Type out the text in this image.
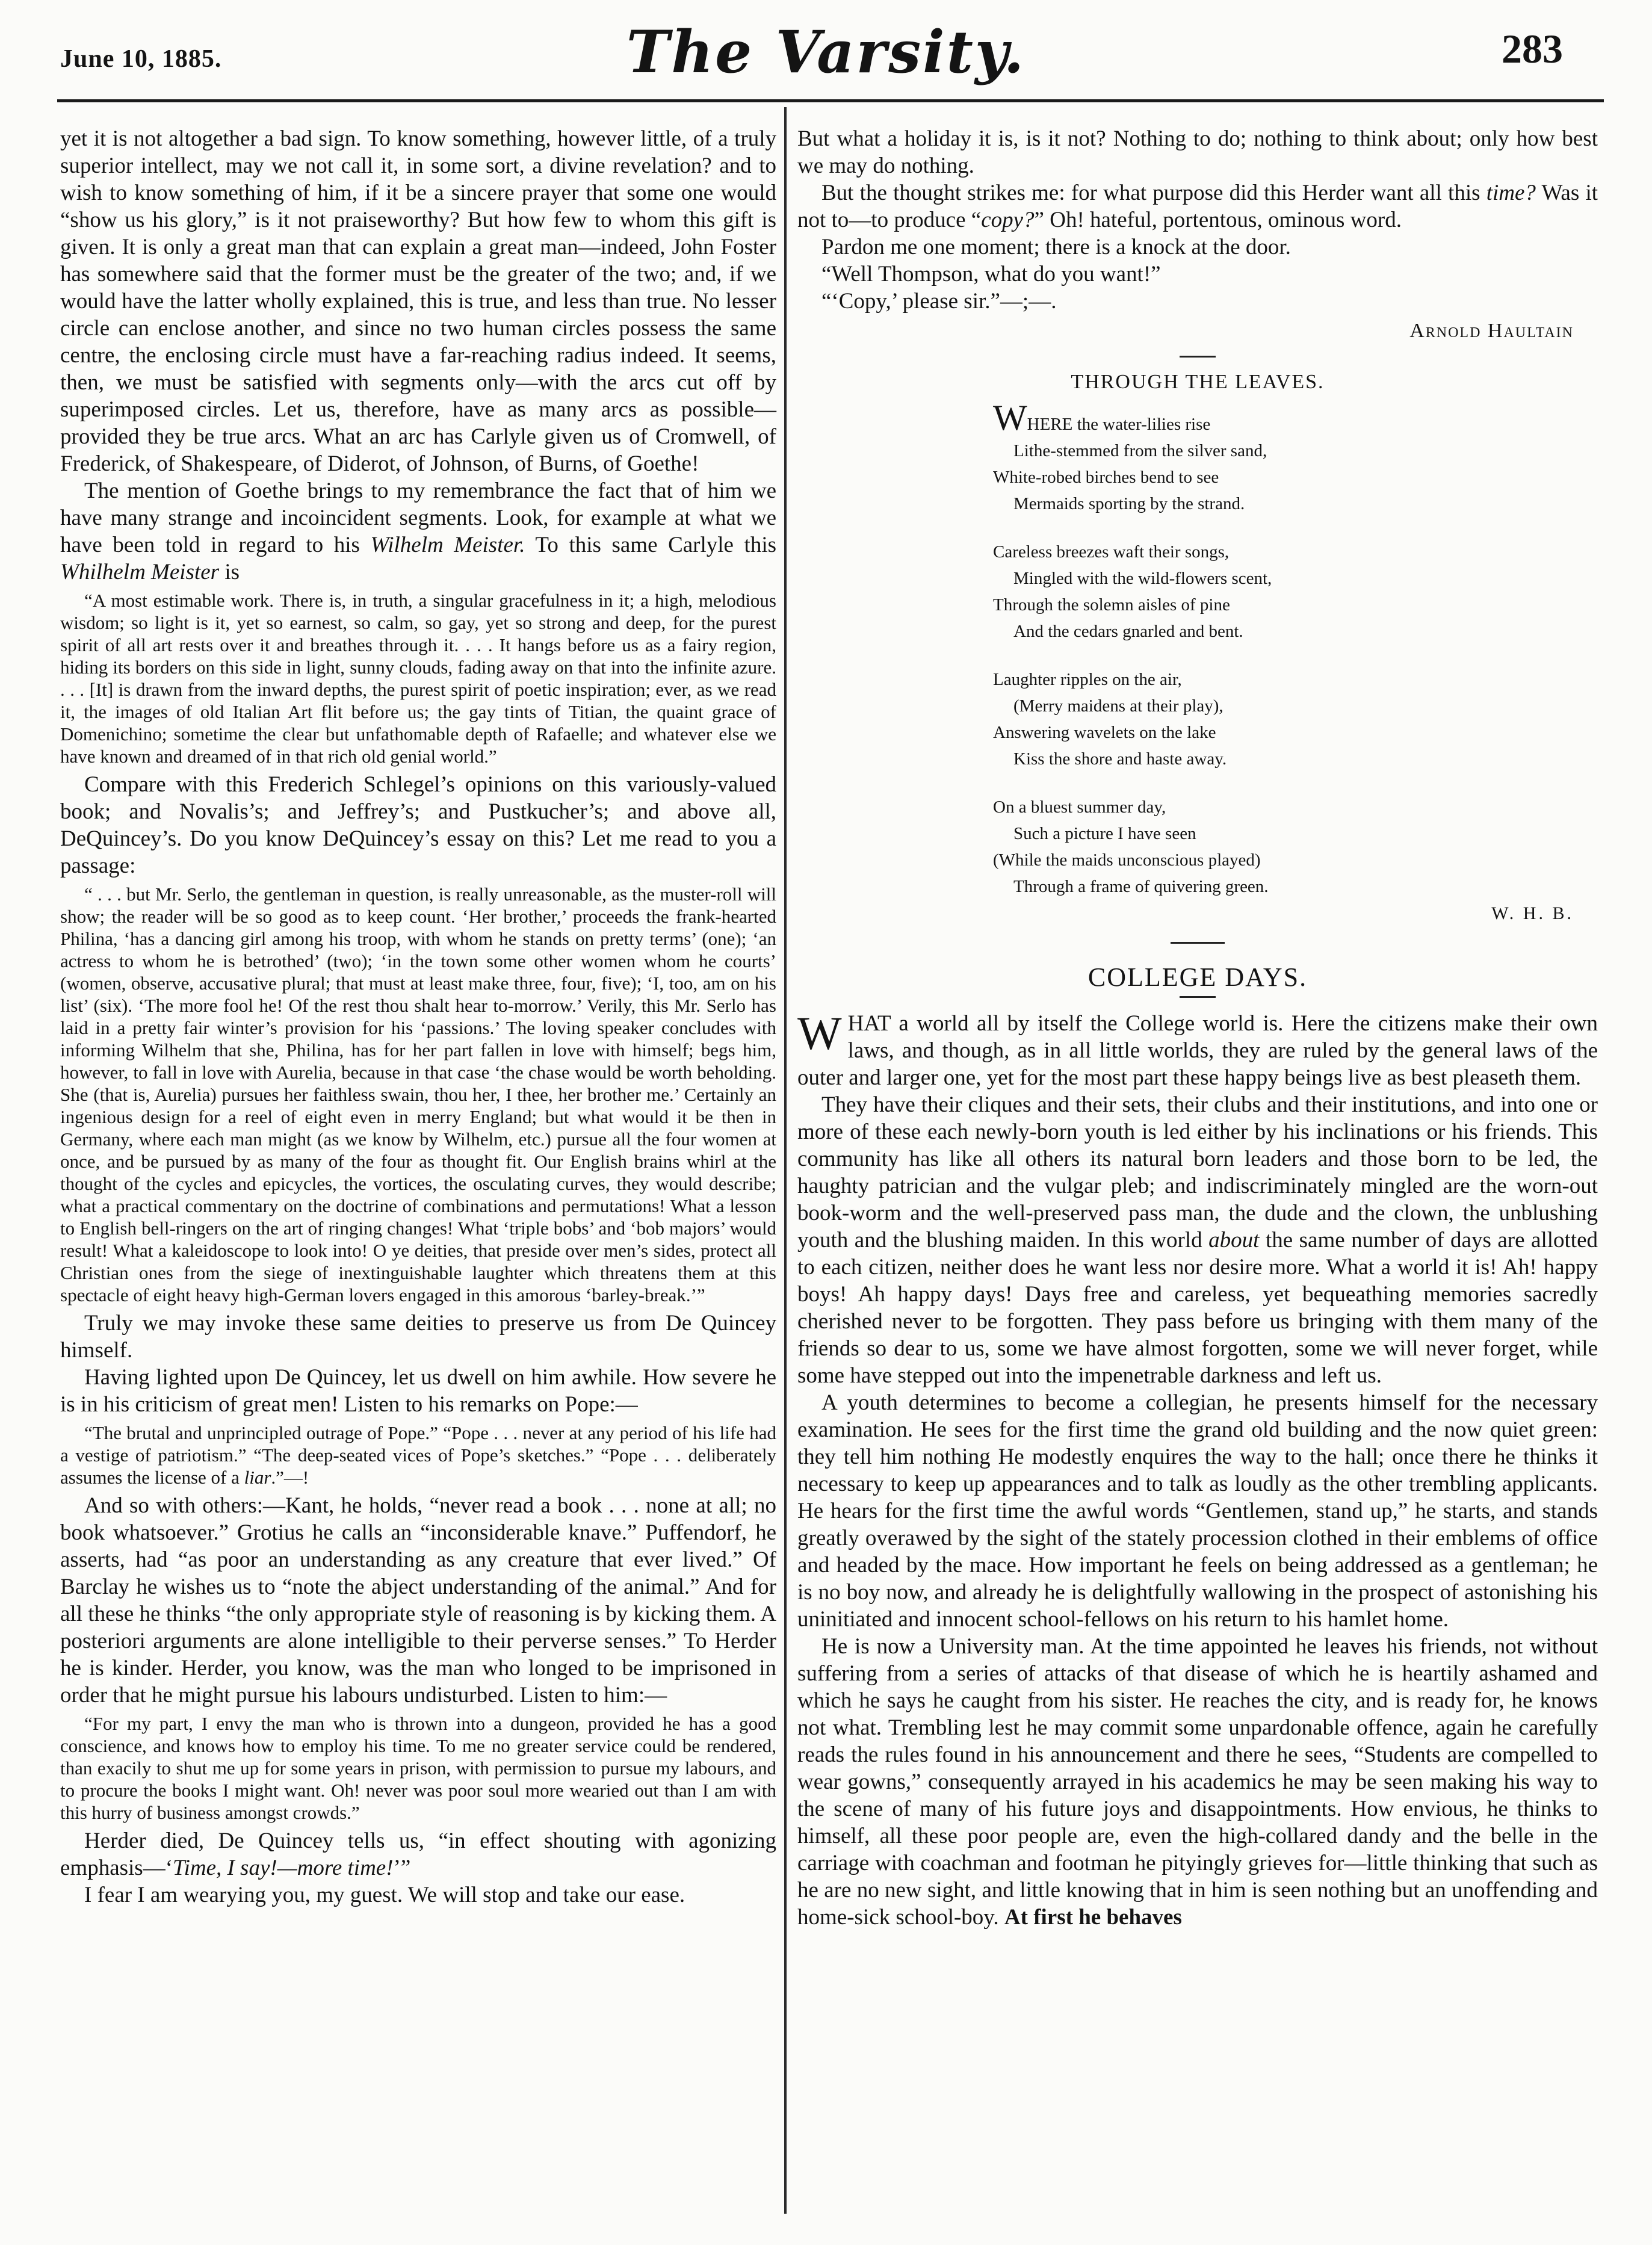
June 10, 1885.	The Varsity.	283

yet it is not altogether a bad sign. To know something, however little, of a truly superior intellect, may we not call it, in some sort, a divine revelation? and to wish to know something of him, if it be a sincere prayer that some one would “show us his glory,” is it not praiseworthy? But how few to whom this gift is given. It is only a great man that can explain a great man—indeed, John Foster has somewhere said that the former must be the greater of the two; and, if we would have the latter wholly explained, this is true, and less than true. No lesser circle can enclose another, and since no two human circles possess the same centre, the enclosing circle must have a far-reaching radius indeed. It seems, then, we must be satisfied with segments only—with the arcs cut off by superimposed circles. Let us, therefore, have as many arcs as possible—provided they be true arcs. What an arc has Carlyle given us of Cromwell, of Frederick, of Shakespeare, of Diderot, of Johnson, of Burns, of Goethe!

The mention of Goethe brings to my remembrance the fact that of him we have many strange and incoincident segments. Look, for example at what we have been told in regard to his Wilhelm Meister. To this same Carlyle this Whilhelm Meister is

“A most estimable work. There is, in truth, a singular gracefulness in it; a high, melodious wisdom; so light is it, yet so earnest, so calm, so gay, yet so strong and deep, for the purest spirit of all art rests over it and breathes through it. . . . It hangs before us as a fairy region, hiding its borders on this side in light, sunny clouds, fading away on that into the infinite azure. . . . [It] is drawn from the inward depths, the purest spirit of poetic inspiration; ever, as we read it, the images of old Italian Art flit before us; the gay tints of Titian, the quaint grace of Domenichino; sometime the clear but unfathomable depth of Rafaelle; and whatever else we have known and dreamed of in that rich old genial world.”

Compare with this Frederich Schlegel’s opinions on this variously-valued book; and Novalis’s; and Jeffrey’s; and Pustkucher’s; and above all, DeQuincey’s. Do you know DeQuincey’s essay on this? Let me read to you a passage:

“ . . . but Mr. Serlo, the gentleman in question, is really unreasonable, as the muster-roll will show; the reader will be so good as to keep count. ‘Her brother,’ proceeds the frank-hearted Philina, ‘has a dancing girl among his troop, with whom he stands on pretty terms’ (one); ‘an actress to whom he is betrothed’ (two); ‘in the town some other women whom he courts’ (women, observe, accusative plural; that must at least make three, four, five); ‘I, too, am on his list’ (six). ‘The more fool he! Of the rest thou shalt hear to-morrow.’ Verily, this Mr. Serlo has laid in a pretty fair winter’s provision for his ‘passions.’ The loving speaker concludes with informing Wilhelm that she, Philina, has for her part fallen in love with himself; begs him, however, to fall in love with Aurelia, because in that case ‘the chase would be worth beholding. She (that is, Aurelia) pursues her faithless swain, thou her, I thee, her brother me.’ Certainly an ingenious design for a reel of eight even in merry England; but what would it be then in Germany, where each man might (as we know by Wilhelm, etc.) pursue all the four women at once, and be pursued by as many of the four as thought fit. Our English brains whirl at the thought of the cycles and epicycles, the vortices, the osculating curves, they would describe; what a practical commentary on the doctrine of combinations and permutations! What a lesson to English bell-ringers on the art of ringing changes! What ‘triple bobs’ and ‘bob majors’ would result! What a kaleidoscope to look into! O ye deities, that preside over men’s sides, protect all Christian ones from the siege of inextinguishable laughter which threatens them at this spectacle of eight heavy high-German lovers engaged in this amorous ‘barley-break.’”

Truly we may invoke these same deities to preserve us from De Quincey himself.

Having lighted upon De Quincey, let us dwell on him awhile. How severe he is in his criticism of great men! Listen to his remarks on Pope:—

“The brutal and unprincipled outrage of Pope.” “Pope . . . never at any period of his life had a vestige of patriotism.” “The deep-seated vices of Pope’s sketches.” “Pope . . . deliberately assumes the license of a liar.”—!

And so with others:—Kant, he holds, “never read a book . . . none at all; no book whatsoever.” Grotius he calls an “inconsiderable knave.” Puffendorf, he asserts, had “as poor an understanding as any creature that ever lived.” Of Barclay he wishes us to “note the abject understanding of the animal.” And for all these he thinks “the only appropriate style of reasoning is by kicking them. A posteriori arguments are alone intelligible to their perverse senses.” To Herder he is kinder. Herder, you know, was the man who longed to be imprisoned in order that he might pursue his labours undisturbed. Listen to him:—

“For my part, I envy the man who is thrown into a dungeon, provided he has a good conscience, and knows how to employ his time. To me no greater service could be rendered, than exacily to shut me up for some years in prison, with permission to pursue my labours, and to procure the books I might want. Oh! never was poor soul more wearied out than I am with this hurry of business amongst crowds.”

Herder died, De Quincey tells us, “in effect shouting with agonizing emphasis—‘Time, I say!—more time!’”

I fear I am wearying you, my guest. We will stop and take our ease.

But what a holiday it is, is it not? Nothing to do; nothing to think about; only how best we may do nothing.

But the thought strikes me: for what purpose did this Herder want all this time? Was it not to—to produce “copy?” Oh! hateful, portentous, ominous word.

Pardon me one moment; there is a knock at the door.

“Well Thompson, what do you want!”

“‘Copy,’ please sir.”—;—.

Arnold Haultain
THROUGH THE LEAVES.
WHERE the water-lilies rise
Lithe-stemmed from the silver sand,
White-robed birches bend to see
Mermaids sporting by the strand.
Careless breezes waft their songs,
Mingled with the wild-flowers scent,
Through the solemn aisles of pine
And the cedars gnarled and bent.
Laughter ripples on the air,
(Merry maidens at their play),
Answering wavelets on the lake
Kiss the shore and haste away.
On a bluest summer day,
Such a picture I have seen
(While the maids unconscious played)
Through a frame of quivering green.
W. H. B.
COLLEGE DAYS.

WHAT a world all by itself the College world is. Here the citizens make their own laws, and though, as in all little worlds, they are ruled by the general laws of the outer and larger one, yet for the most part these happy beings live as best pleaseth them.

They have their cliques and their sets, their clubs and their institutions, and into one or more of these each newly-born youth is led either by his inclinations or his friends. This community has like all others its natural born leaders and those born to be led, the haughty patrician and the vulgar pleb; and indiscriminately mingled are the worn-out book-worm and the well-preserved pass man, the dude and the clown, the unblushing youth and the blushing maiden. In this world about the same number of days are allotted to each citizen, neither does he want less nor desire more. What a world it is! Ah! happy boys! Ah happy days! Days free and careless, yet bequeathing memories sacredly cherished never to be forgotten. They pass before us bringing with them many of the friends so dear to us, some we have almost forgotten, some we will never forget, while some have stepped out into the impenetrable darkness and left us.

A youth determines to become a collegian, he presents himself for the necessary examination. He sees for the first time the grand old building and the now quiet green: they tell him nothing He modestly enquires the way to the hall; once there he thinks it necessary to keep up appearances and to talk as loudly as the other trembling applicants. He hears for the first time the awful words “Gentlemen, stand up,” he starts, and stands greatly overawed by the sight of the stately procession clothed in their emblems of office and headed by the mace. How important he feels on being addressed as a gentleman; he is no boy now, and already he is delightfully wallowing in the prospect of astonishing his uninitiated and innocent school-fellows on his return to his hamlet home.

He is now a University man. At the time appointed he leaves his friends, not without suffering from a series of attacks of that disease of which he is heartily ashamed and which he says he caught from his sister. He reaches the city, and is ready for, he knows not what. Trembling lest he may commit some unpardonable offence, again he carefully reads the rules found in his announcement and there he sees, “Students are compelled to wear gowns,” consequently arrayed in his academics he may be seen making his way to the scene of many of his future joys and disappointments. How envious, he thinks to himself, all these poor people are, even the high-collared dandy and the belle in the carriage with coachman and footman he pityingly grieves for—little thinking that such as he are no new sight, and little knowing that in him is seen nothing but an unoffending and home-sick school-boy. At first he behaves
